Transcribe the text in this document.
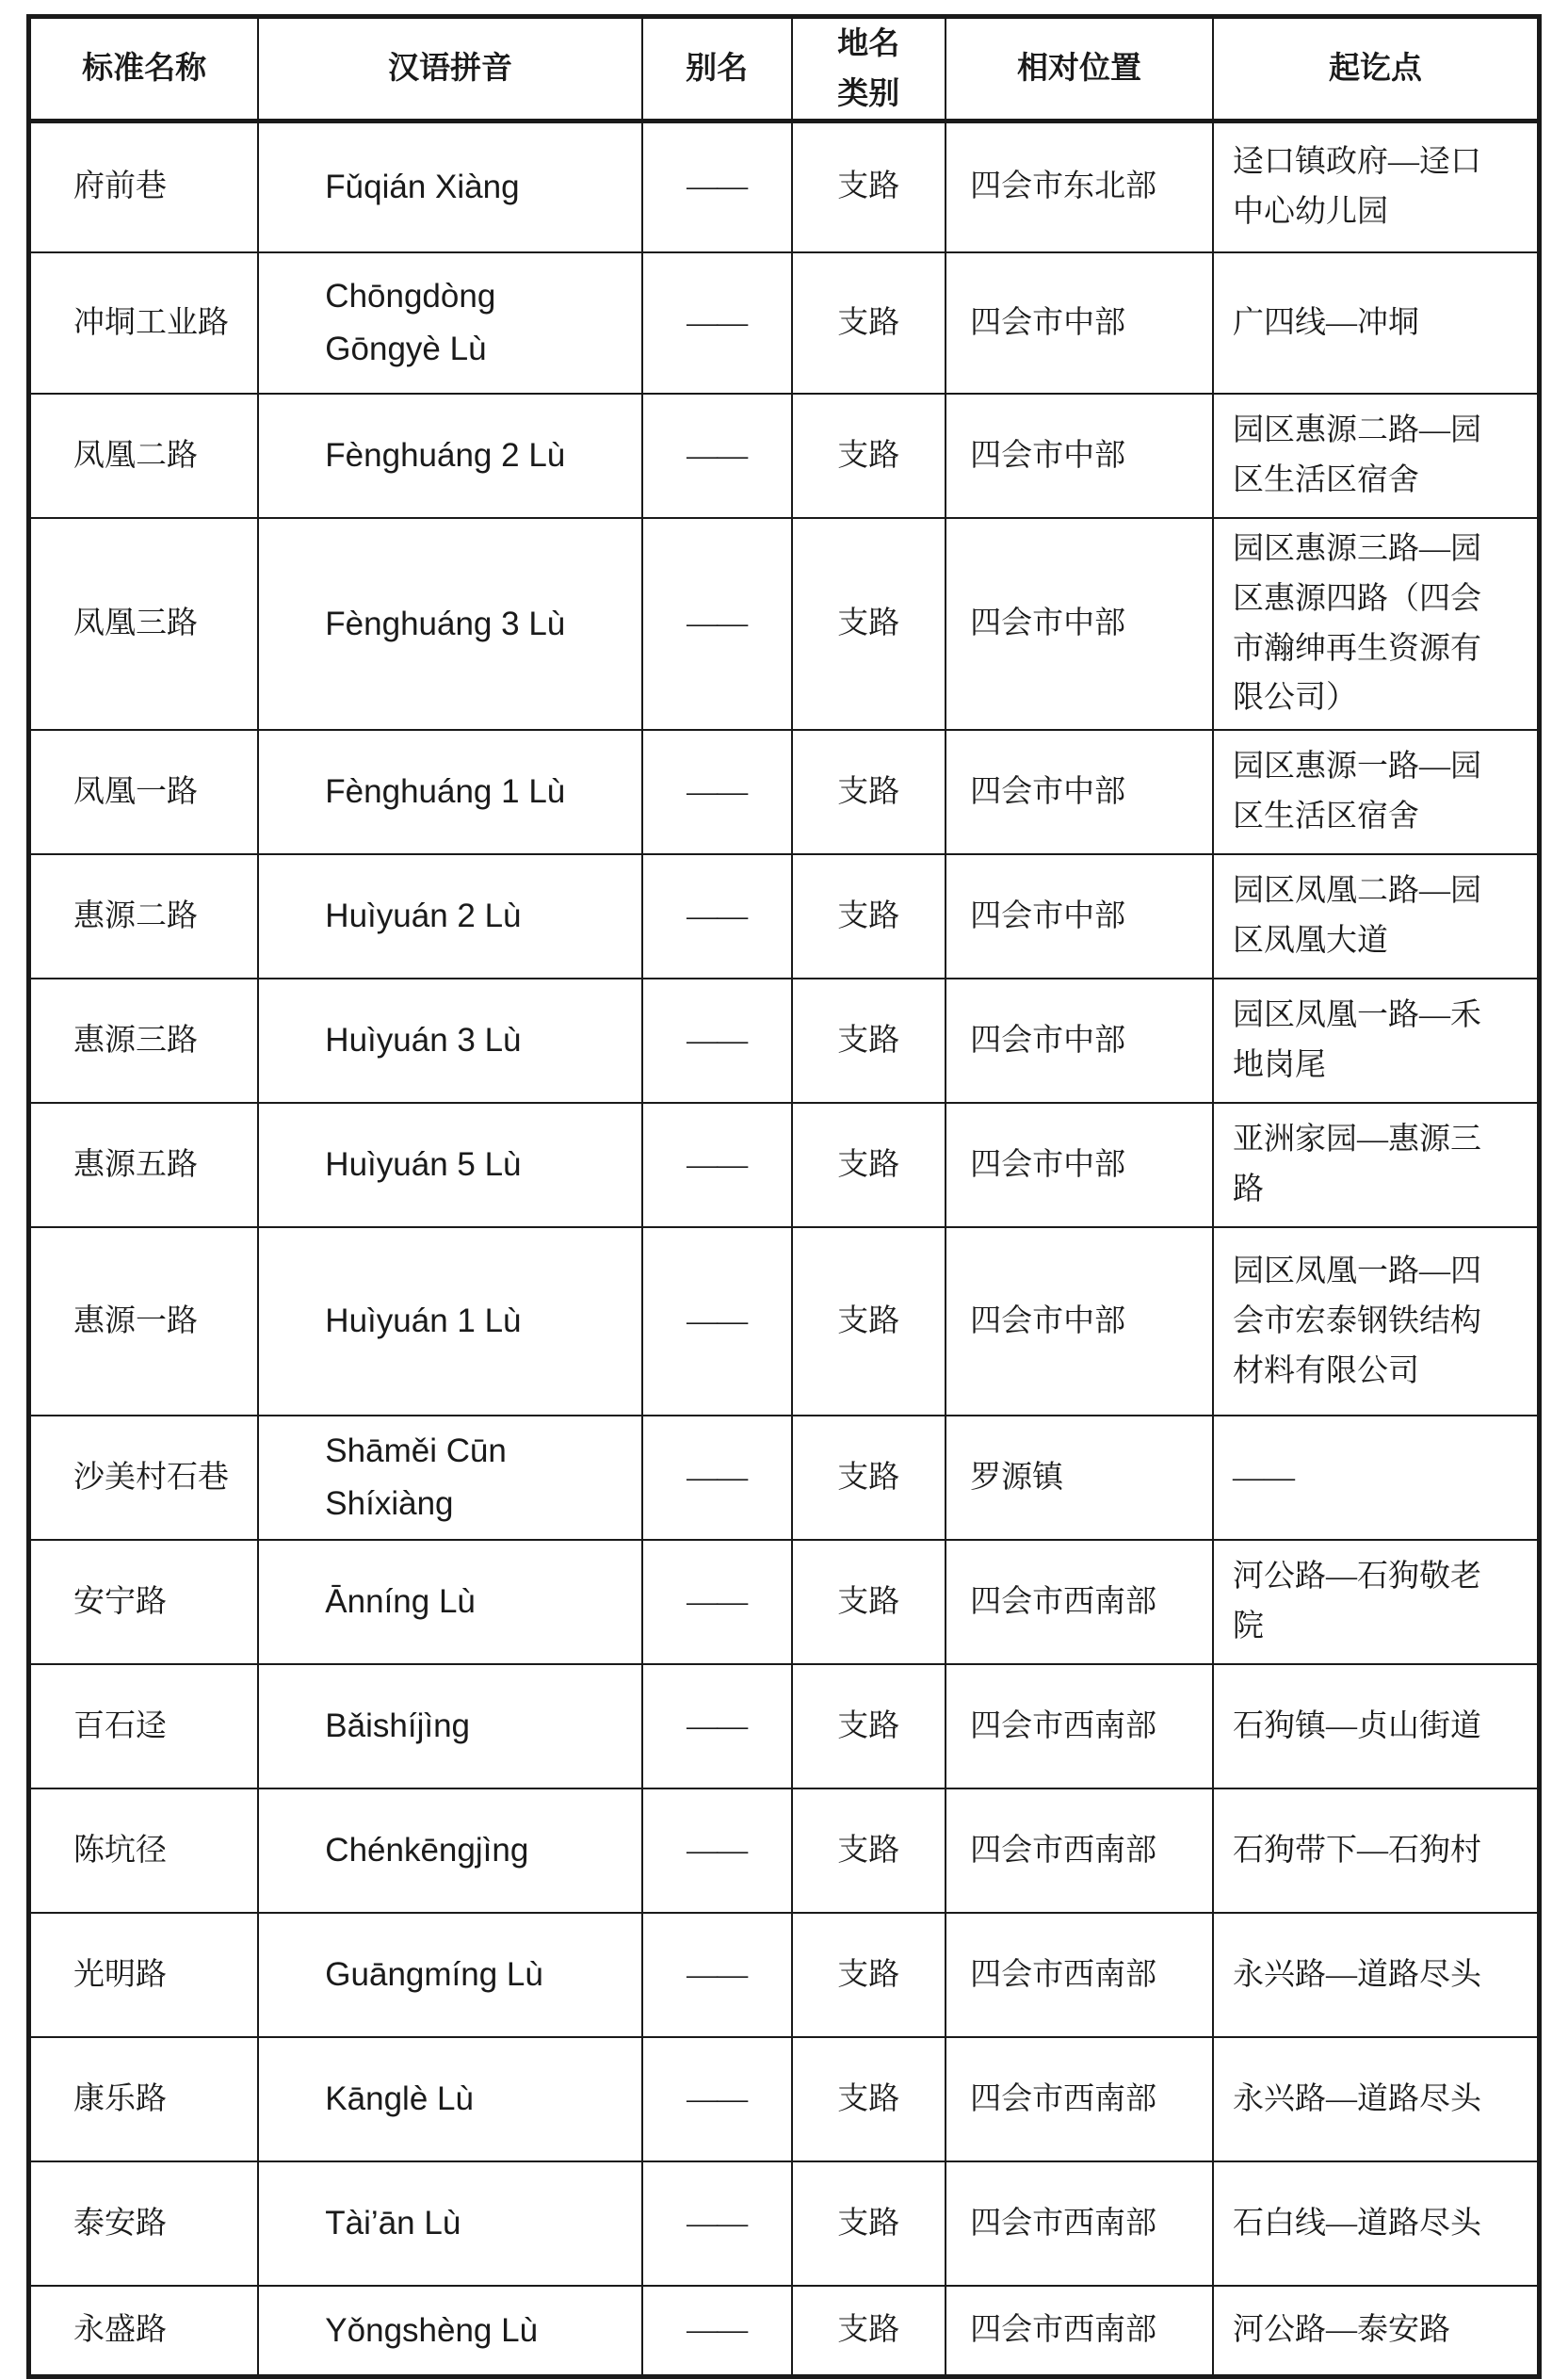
标准名称	汉语拼音	别名	地名类别	相对位置	起讫点
府前巷	Fǔqián Xiàng	——	支路	四会市东北部	迳口镇政府—迳口中心幼儿园
冲垌工业路	Chōngdòng Gōngyè Lù	——	支路	四会市中部	广四线—冲垌
凤凰二路	Fènghuáng 2 Lù	——	支路	四会市中部	园区惠源二路—园区生活区宿舍
凤凰三路	Fènghuáng 3 Lù	——	支路	四会市中部	园区惠源三路—园区惠源四路（四会市瀚绅再生资源有限公司）
凤凰一路	Fènghuáng 1 Lù	——	支路	四会市中部	园区惠源一路—园区生活区宿舍
惠源二路	Huìyuán 2 Lù	——	支路	四会市中部	园区凤凰二路—园区凤凰大道
惠源三路	Huìyuán 3 Lù	——	支路	四会市中部	园区凤凰一路—禾地岗尾
惠源五路	Huìyuán 5 Lù	——	支路	四会市中部	亚洲家园—惠源三路
惠源一路	Huìyuán 1 Lù	——	支路	四会市中部	园区凤凰一路—四会市宏泰钢铁结构材料有限公司
沙美村石巷	Shāměi Cūn Shíxiàng	——	支路	罗源镇	——
安宁路	Ānníng Lù	——	支路	四会市西南部	河公路—石狗敬老院
百石迳	Bǎishíjìng	——	支路	四会市西南部	石狗镇—贞山街道
陈坑径	Chénkēngjìng	——	支路	四会市西南部	石狗带下—石狗村
光明路	Guāngmíng Lù	——	支路	四会市西南部	永兴路—道路尽头
康乐路	Kānglè Lù	——	支路	四会市西南部	永兴路—道路尽头
泰安路	Tài’ān Lù	——	支路	四会市西南部	石白线—道路尽头
永盛路	Yǒngshèng Lù	——	支路	四会市西南部	河公路—泰安路
